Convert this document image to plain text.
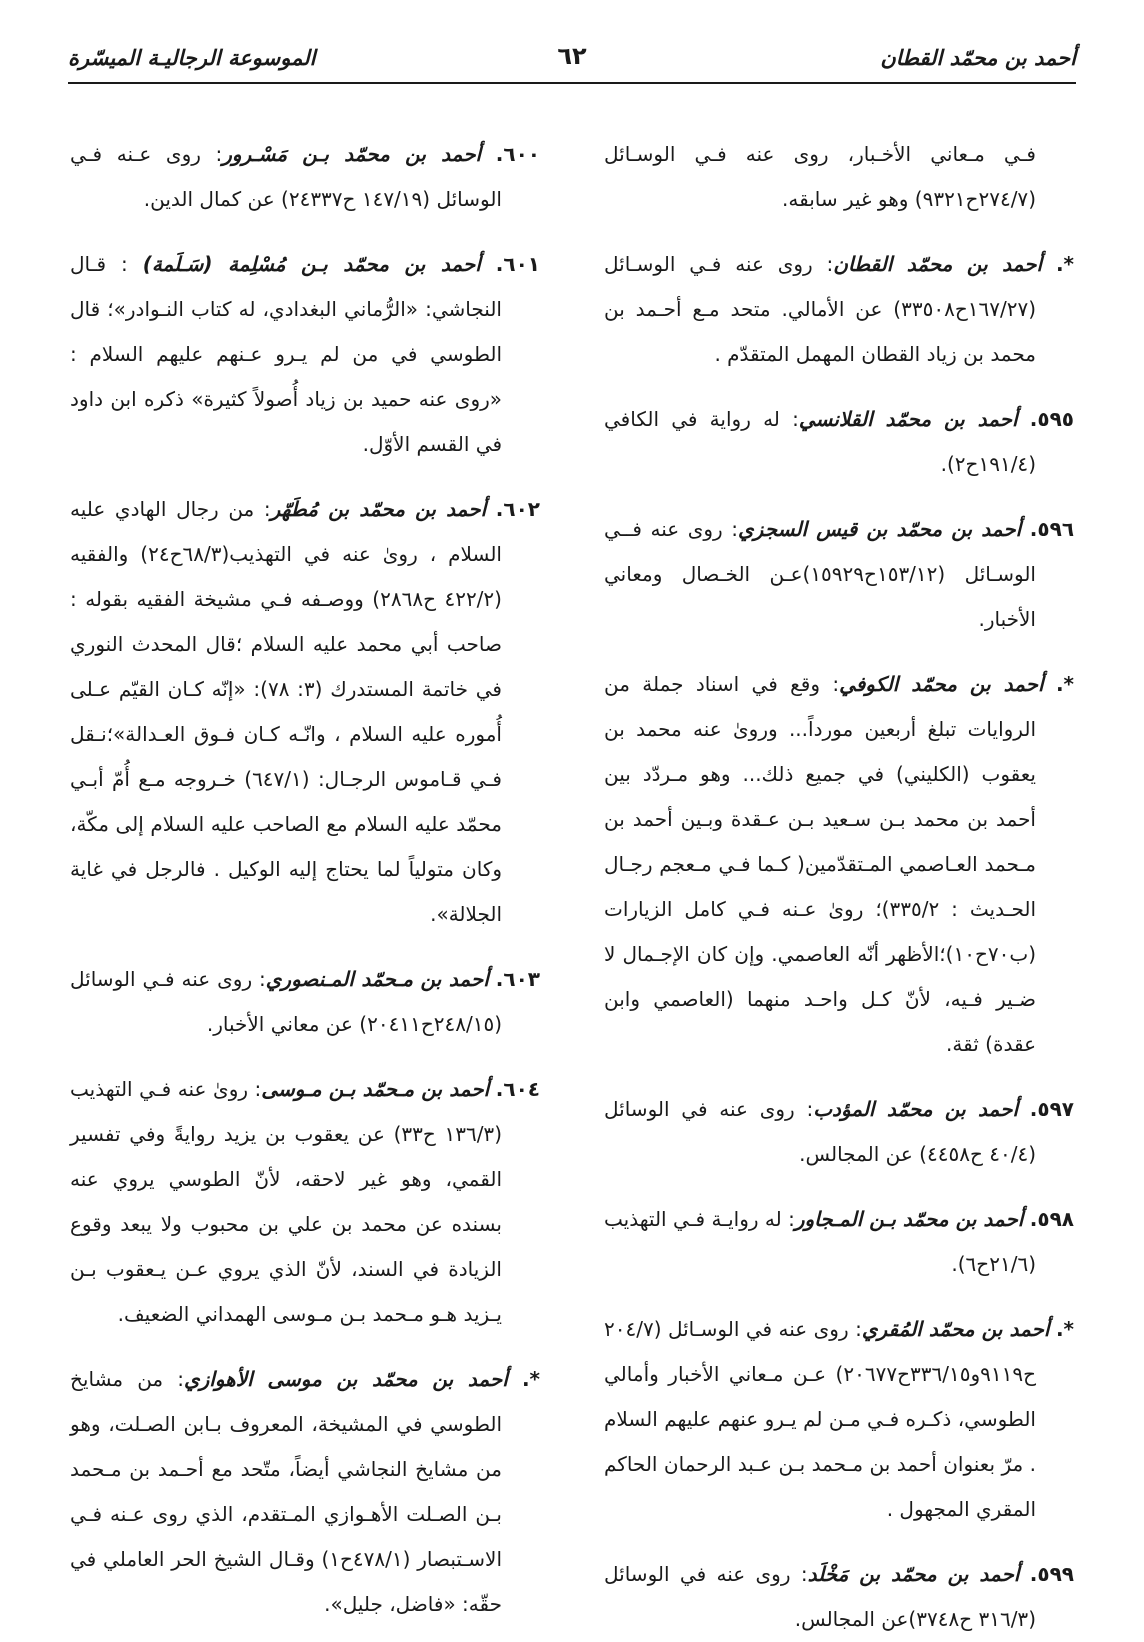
أحمد بن محمّد القطان
٦٢
الموسوعة الرجاليـة الميسّرة

فـي مـعاني الأخـبار، روى عنه فـي الوسـائل (٢٧٤/٧ح٩٣٢١) وهو غير سابقه.

*. أحمد بن محمّد القطان: روى عنه فـي الوسـائل (١٦٧/٢٧ح٣٣٥٠٨) عن الأمالي. متحد مـع أحـمد بن محمد بن زياد القطان المهمل المتقدّم .

٥٩٥. أحمد بن محمّد القلانسي: له رواية في الكافي (١٩١/٤ح٢).

٥٩٦. أحمد بن محمّد بن قيس السجزي: روى عنه فــي الوسـائل (١٥٣/١٢ح١٥٩٢٩)عـن الخـصال ومعاني الأخبار.

*. أحمد بن محمّد الكوفي: وقع في اسناد جملة من الروايات تبلغ أربعين مورداً... وروىٰ عنه محمد بن يعقوب (الكليني) في جميع ذلك... وهو مـردّد بين أحمد بن محمد بـن سـعيد بـن عـقدة وبـين أحمد بن مـحمد العـاصمي المـتقدّمين( كـما فـي مـعجم رجـال الحـديث : ٣٣٥/٢)؛ روىٰ عـنه فـي كامل الزيارات (ب٧٠ح١٠)؛الأظهر أنّه العاصمي. وإن كان الإجـمال لا ضـير فـيه، لأنّ كـل واحـد منهما (العاصمي وابن عقدة) ثقة.

٥٩٧. أحمد بن محمّد المؤدب: روى عنه في الوسائل (٤٠/٤ ح٤٤٥٨) عن المجالس.

٥٩٨. أحمد بن محمّد بـن المـجاور: له روايـة فـي التهذيب (٢١/٦ح٦).

*. أحمد بن محمّد المُقري: روى عنه في الوسـائل (٢٠٤/٧ ح٩١١٩و٣٣٦/١٥ح٢٠٦٧٧) عـن مـعاني الأخبار وأمالي الطوسي، ذكـره فـي مـن لم يـرو عنهم عليهم السلام . مرّ بعنوان أحمد بن مـحمد بـن عـبد الرحمان الحاكم المقري المجهول .

٥٩٩. أحمد بن محمّد بن مَخْلَد: روى عنه في الوسائل (٣١٦/٣ ح٣٧٤٨)عن المجالس.

٦٠٠. أحمد بن محمّد بـن مَسْـرور: روى عـنه فـي الوسائل (١٤٧/١٩ ح٢٤٣٣٧) عن كمال الدين.

٦٠١. أحمد بن محمّد بـن مُسْلِمة (سَـلَمة) : قـال النجاشي: «الرُّماني البغدادي، له كتاب النـوادر»؛ قال الطوسي في من لم يـرو عـنهم عليهم السلام : «روى عنه حميد بن زياد أُصولاً كثيرة» ذكره ابن داود في القسم الأوّل.

٦٠٢. أحمد بن محمّد بن مُطَهّر: من رجال الهادي عليه السلام ، روىٰ عنه في التهذيب(٦٨/٣ح٢٤) والفقيه (٤٢٢/٢ ح٢٨٦٨) ووصـفه فـي مشيخة الفقيه بقوله : صاحب أبي محمد عليه السلام ؛قال المحدث النوري في خاتمة المستدرك (٣: ٧٨): «إنّه كـان القيّم عـلى أُموره عليه السلام ، وانّـه كـان فـوق العـدالة»؛نـقل فـي قـاموس الرجـال: (٦٤٧/١) خـروجه مـع أُمّ أبـي محمّد عليه السلام مع الصاحب عليه السلام إلى مكّة، وكان متولياً لما يحتاج إليه الوكيل . فالرجل في غاية الجلالة».

٦٠٣. أحمد بن مـحمّد المـنصوري: روى عنه فـي الوسائل (٢٤٨/١٥ح٢٠٤١١) عن معاني الأخبار.

٦٠٤. أحمد بن مـحمّد بـن مـوسى: روىٰ عنه فـي التهذيب (١٣٦/٣ ح٣٣) عن يعقوب بن يزيد روايةً وفي تفسير القمي، وهو غير لاحقه، لأنّ الطوسي يروي عنه بسنده عن محمد بن علي بن محبوب ولا يبعد وقوع الزيادة في السند، لأنّ الذي يروي عـن يـعقوب بـن يـزيد هـو مـحمد بـن مـوسى الهمداني الضعيف.

*. أحمد بن محمّد بن موسى الأهوازي: من مشايخ الطوسي في المشيخة، المعروف بـابن الصـلت، وهو من مشايخ النجاشي أيضاً، متّحد مع أحـمد بن مـحمد بـن الصـلت الأهـوازي المـتقدم، الذي روى عـنه فـي الاسـتبصار (٤٧٨/١ح١) وقـال الشيخ الحر العاملي في حقّه: «فاضل، جليل».
